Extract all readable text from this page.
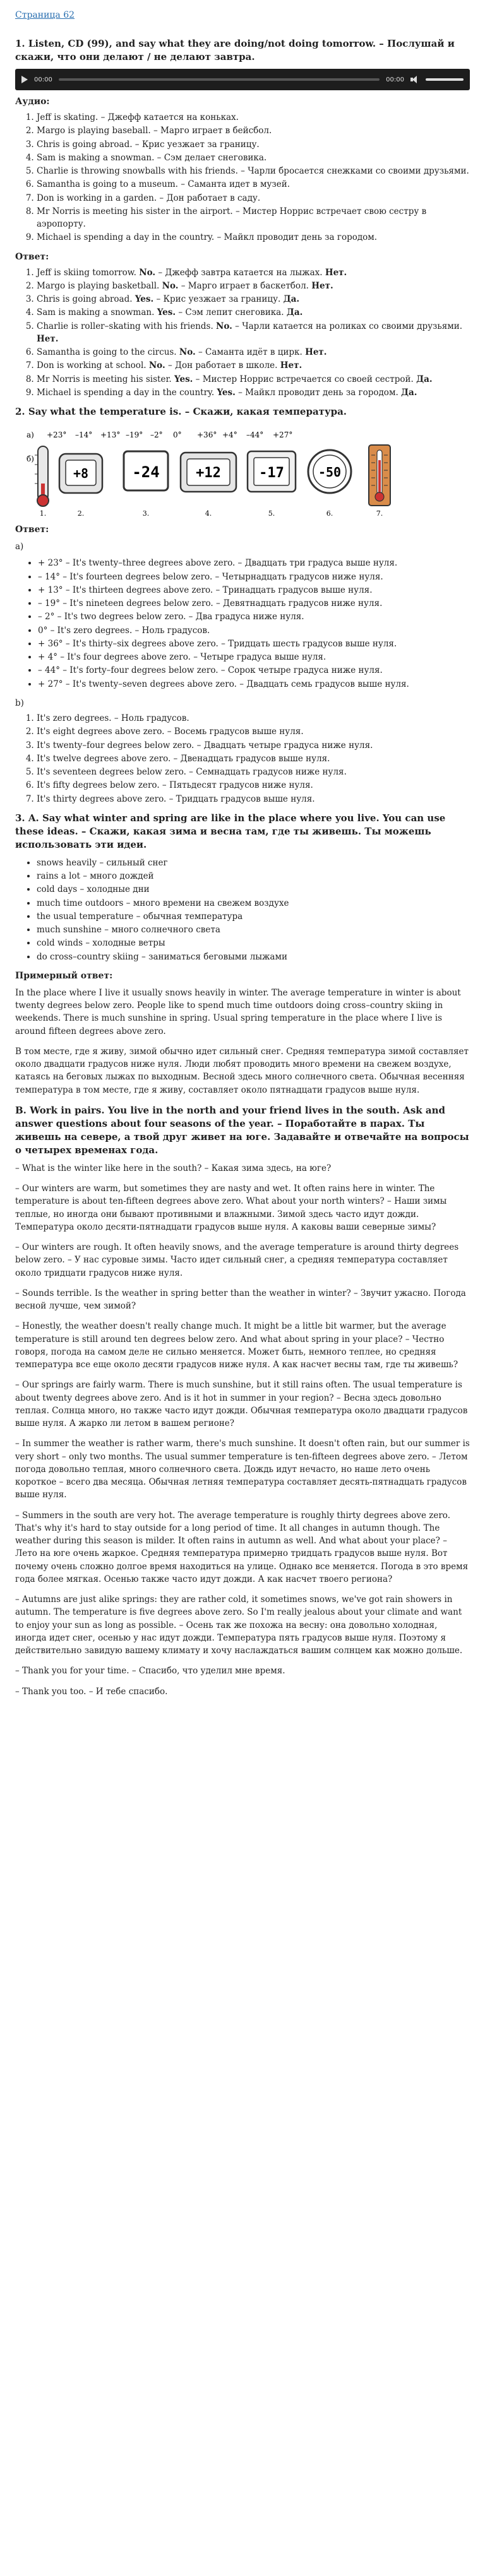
Страница 62
1. Listen, CD (99), and say what they are doing/not doing tomorrow. – Послушай и скажи, что они делают / не делают завтра.
00:00	00:00
Аудио:
1. Jeff is skating. – Джефф катается на коньках.
2. Margo is playing baseball. – Марго играет в бейсбол.
3. Chris is going abroad. – Крис уезжает за границу.
4. Sam is making a snowman. – Сэм делает снеговика.
5. Charlie is throwing snowballs with his friends. – Чарли бросается снежками со своими друзьями.
6. Samantha is going to a museum. – Саманта идет в музей.
7. Don is working in a garden. – Дон работает в саду.
8. Mr Norris is meeting his sister in the airport. – Мистер Норрис встречает свою сестру в аэропорту.
9. Michael is spending a day in the country. – Майкл проводит день за городом.
Ответ:
1. Jeff is skiing tomorrow. No. – Джефф завтра катается на лыжах. Нет.
2. Margo is playing basketball. No. – Марго играет в баскетбол. Нет.
3. Chris is going abroad. Yes. – Крис уезжает за границу. Да.
4. Sam is making a snowman. Yes. – Сэм лепит снеговика. Да.
5. Charlie is roller–skating with his friends. No. – Чарли катается на роликах со своими друзьями. Нет.
6. Samantha is going to the circus. No. – Саманта идёт в цирк. Нет.
7. Don is working at school. No. – Дон работает в школе. Нет.
8. Mr Norris is meeting his sister. Yes. – Мистер Норрис встречается со своей сестрой. Да.
9. Michael is spending a day in the country. Yes. – Майкл проводит день за городом. Да.
2. Say what the temperature is. – Скажи, какая температура.
а)
б)
+23° –14° +13° –19° –2° 0° +36° +4° –44° +27°
+8	-24	+12	-17	-50
1.	2.	3.	4.	5.	6.	7.
Ответ:
а)
• + 23° – It's twenty–three degrees above zero. – Двадцать три градуса выше нуля.
• – 14° – It's fourteen degrees below zero. – Четырнадцать градусов ниже нуля.
• + 13° – It's thirteen degrees above zero. – Тринадцать градусов выше нуля.
• – 19° – It's nineteen degrees below zero. – Девятнадцать градусов ниже нуля.
• – 2° – It's two degrees below zero. – Два градуса ниже нуля.
• 0° – It's zero degrees. – Ноль градусов.
• + 36° – It's thirty–six degrees above zero. – Тридцать шесть градусов выше нуля.
• + 4° – It's four degrees above zero. – Четыре градуса выше нуля.
• – 44° – It's forty–four degrees below zero. – Сорок четыре градуса ниже нуля.
• + 27° – It's twenty–seven degrees above zero. – Двадцать семь градусов выше нуля.
b)
1. It's zero degrees. – Ноль градусов.
2. It's eight degrees above zero. – Восемь градусов выше нуля.
3. It's twenty–four degrees below zero. – Двадцать четыре градуса ниже нуля.
4. It's twelve degrees above zero. – Двенадцать градусов выше нуля.
5. It's seventeen degrees below zero. – Семнадцать градусов ниже нуля.
6. It's fifty degrees below zero. – Пятьдесят градусов ниже нуля.
7. It's thirty degrees above zero. – Тридцать градусов выше нуля.
3. A. Say what winter and spring are like in the place where you live. You can use these ideas. – Скажи, какая зима и весна там, где ты живешь. Ты можешь использовать эти идеи.
• snows heavily – сильный снег
• rains a lot – много дождей
• cold days – холодные дни
• much time outdoors – много времени на свежем воздухе
• the usual temperature – обычная температура
• much sunshine – много солнечного света
• cold winds – холодные ветры
• do cross–country skiing – заниматься беговыми лыжами
Примерный ответ:

In the place where I live it usually snows heavily in winter. The average temperature in winter is about twenty degrees below zero. People like to spend much time outdoors doing cross–country skiing in weekends. There is much sunshine in spring. Usual spring temperature in the place where I live is around fifteen degrees above zero.

В том месте, где я живу, зимой обычно идет сильный снег. Средняя температура зимой составляет около двадцати градусов ниже нуля. Люди любят проводить много времени на свежем воздухе, катаясь на беговых лыжах по выходным. Весной здесь много солнечного света. Обычная весенняя температура в том месте, где я живу, составляет около пятнадцати градусов выше нуля.

B. Work in pairs. You live in the north and your friend lives in the south. Ask and answer questions about four seasons of the year. – Поработайте в парах. Ты живешь на севере, а твой друг живет на юге. Задавайте и отвечайте на вопросы о четырех временах года.

– What is the winter like here in the south? – Какая зима здесь, на юге?

– Our winters are warm, but sometimes they are nasty and wet. It often rains here in winter. The temperature is about ten-fifteen degrees above zero. What about your north winters? – Наши зимы теплые, но иногда они бывают противными и влажными. Зимой здесь часто идут дожди. Температура около десяти-пятнадцати градусов выше нуля. А каковы ваши северные зимы?

– Our winters are rough. It often heavily snows, and the average temperature is around thirty degrees below zero. – У нас суровые зимы. Часто идет сильный снег, а средняя температура составляет около тридцати градусов ниже нуля.

– Sounds terrible. Is the weather in spring better than the weather in winter? – Звучит ужасно. Погода весной лучше, чем зимой?

– Honestly, the weather doesn't really change much. It might be a little bit warmer, but the average temperature is still around ten degrees below zero. And what about spring in your place? – Честно говоря, погода на самом деле не сильно меняется. Может быть, немного теплее, но средняя температура все еще около десяти градусов ниже нуля. А как насчет весны там, где ты живешь?

– Our springs are fairly warm. There is much sunshine, but it still rains often. The usual temperature is about twenty degrees above zero. And is it hot in summer in your region? – Весна здесь довольно теплая. Солнца много, но также часто идут дожди. Обычная температура около двадцати градусов выше нуля. А жарко ли летом в вашем регионе?

– In summer the weather is rather warm, there's much sunshine. It doesn't often rain, but our summer is very short – only two months. The usual summer temperature is ten-fifteen degrees above zero. – Летом погода довольно теплая, много солнечного света. Дождь идут нечасто, но наше лето очень короткое – всего два месяца. Обычная летняя температура составляет десять-пятнадцать градусов выше нуля.

– Summers in the south are very hot. The average temperature is roughly thirty degrees above zero. That's why it's hard to stay outside for a long period of time. It all changes in autumn though. The weather during this season is milder. It often rains in autumn as well. And what about your place? – Лето на юге очень жаркое. Средняя температура примерно тридцать градусов выше нуля. Вот почему очень сложно долгое время находиться на улице. Однако все меняется. Погода в это время года более мягкая. Осенью также часто идут дожди. А как насчет твоего региона?

– Autumns are just alike springs: they are rather cold, it sometimes snows, we've got rain showers in autumn. The temperature is five degrees above zero. So I'm really jealous about your climate and want to enjoy your sun as long as possible. – Осень так же похожа на весну: она довольно холодная, иногда идет снег, осенью у нас идут дожди. Температура пять градусов выше нуля. Поэтому я действительно завидую вашему климату и хочу наслаждаться вашим солнцем как можно дольше.

– Thank you for your time. – Спасибо, что уделил мне время.

– Thank you too. – И тебе спасибо.
